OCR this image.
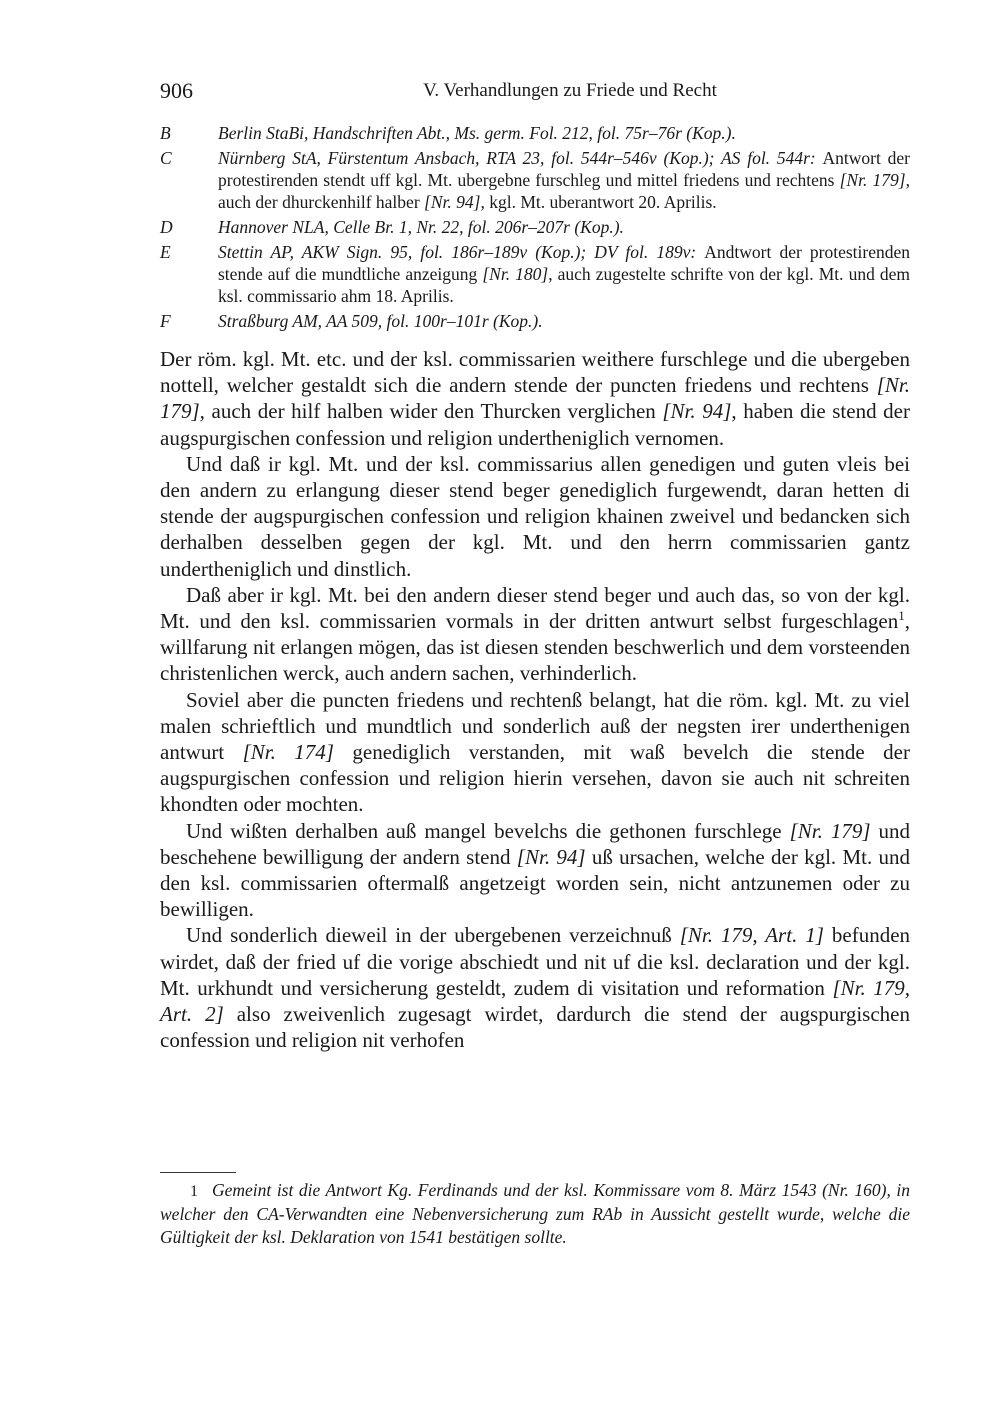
906	V. Verhandlungen zu Friede und Recht
B	Berlin StaBi, Handschriften Abt., Ms. germ. Fol. 212, fol. 75r–76r (Kop.).
C	Nürnberg StA, Fürstentum Ansbach, RTA 23, fol. 544r–546v (Kop.); AS fol. 544r: Antwort der protestirenden stendt uff kgl. Mt. ubergebne furschleg und mittel friedens und rechtens [Nr. 179], auch der dhurckenhilf halber [Nr. 94], kgl. Mt. uberantwort 20. Aprilis.
D	Hannover NLA, Celle Br. 1, Nr. 22, fol. 206r–207r (Kop.).
E	Stettin AP, AKW Sign. 95, fol. 186r–189v (Kop.); DV fol. 189v: Andtwort der protestirenden stende auf die mundtliche anzeigung [Nr. 180], auch zugestelte schrifte von der kgl. Mt. und dem ksl. commissario ahm 18. Aprilis.
F	Straßburg AM, AA 509, fol. 100r–101r (Kop.).

Der röm. kgl. Mt. etc. und der ksl. commissarien weithere furschlege und die ubergeben nottell, welcher gestaldt sich die andern stende der puncten friedens und rechtens [Nr. 179], auch der hilf halben wider den Thurcken verglichen [Nr. 94], haben die stend der augspurgischen confession und religion undertheniglich vernomen.

Und daß ir kgl. Mt. und der ksl. commissarius allen genedigen und guten vleis bei den andern zu erlangung dieser stend beger genediglich furgewendt, daran hetten di stende der augspurgischen confession und religion khainen zweivel und bedancken sich derhalben desselben gegen der kgl. Mt. und den herrn commissarien gantz undertheniglich und dinstlich.

Daß aber ir kgl. Mt. bei den andern dieser stend beger und auch das, so von der kgl. Mt. und den ksl. commissarien vormals in der dritten antwurt selbst furgeschlagen$^1$, willfarung nit erlangen mögen, das ist diesen stenden beschwerlich und dem vorsteenden christenlichen werck, auch andern sachen, verhinderlich.

Soviel aber die puncten friedens und rechtenß belangt, hat die röm. kgl. Mt. zu viel malen schrieftlich und mundtlich und sonderlich auß der negsten irer underthenigen antwurt [Nr. 174] genediglich verstanden, mit waß bevelch die stende der augspurgischen confession und religion hierin versehen, davon sie auch nit schreiten khondten oder mochten.

Und wißten derhalben auß mangel bevelchs die gethonen furschlege [Nr. 179] und beschehene bewilligung der andern stend [Nr. 94] uß ursachen, welche der kgl. Mt. und den ksl. commissarien oftermalß angetzeigt worden sein, nicht antzunemen oder zu bewilligen.

Und sonderlich dieweil in der ubergebenen verzeichnuß [Nr. 179, Art. 1] befunden wirdet, daß der fried uf die vorige abschiedt und nit uf die ksl. declaration und der kgl. Mt. urkhundt und versicherung gesteldt, zudem di visitation und reformation [Nr. 179, Art. 2] also zweivenlich zugesagt wirdet, dardurch die stend der augspurgischen confession und religion nit verhofen

1 Gemeint ist die Antwort Kg. Ferdinands und der ksl. Kommissare vom 8. März 1543 (Nr. 160), in welcher den CA-Verwandten eine Nebenversicherung zum RAb in Aussicht gestellt wurde, welche die Gültigkeit der ksl. Deklaration von 1541 bestätigen sollte.
